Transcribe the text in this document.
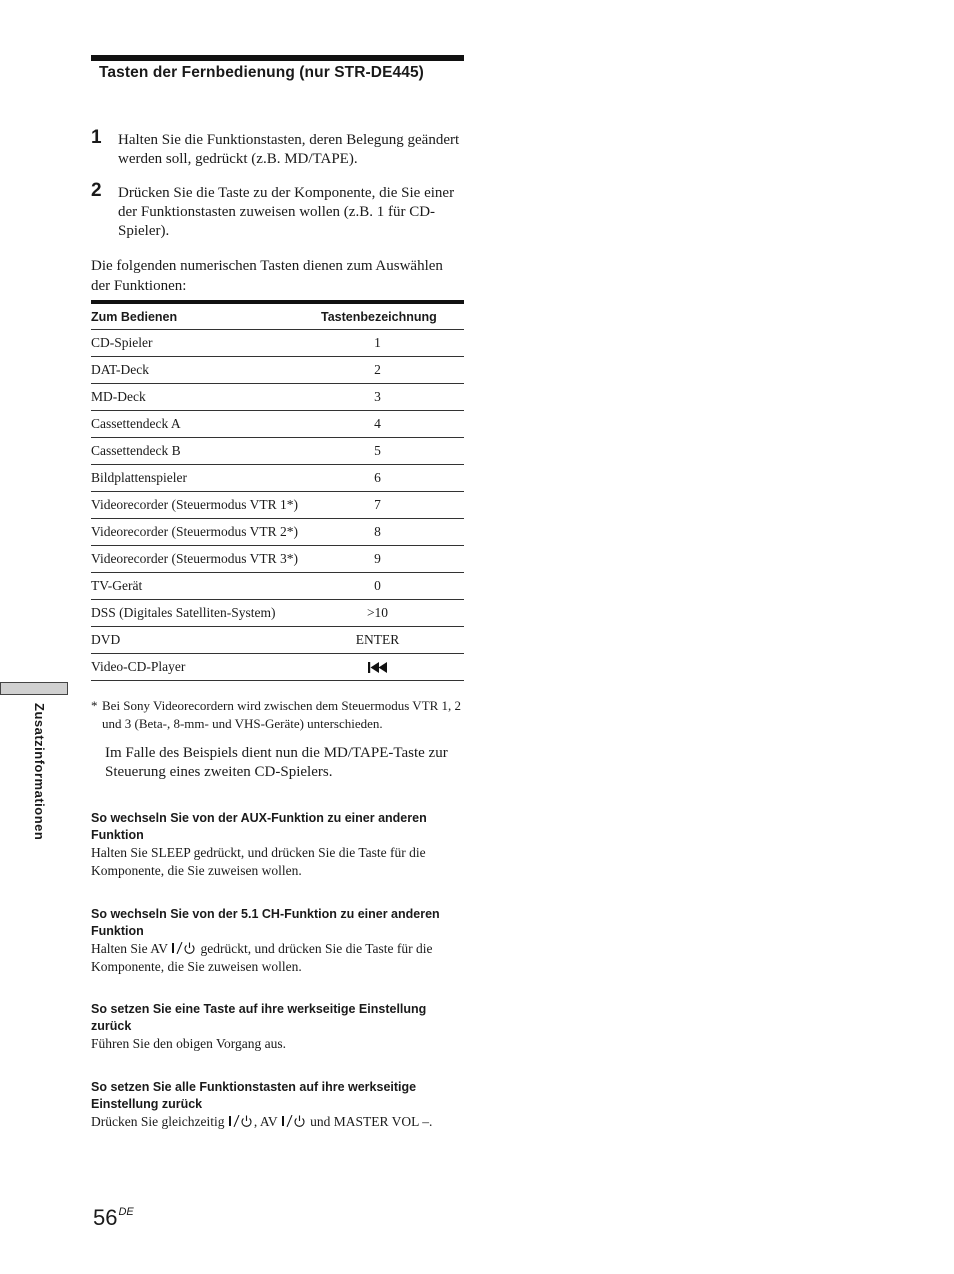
Tasten der Fernbedienung (nur STR-DE445)
1 Halten Sie die Funktionstasten, deren Belegung geändert werden soll, gedrückt (z.B. MD/TAPE).
2 Drücken Sie die Taste zu der Komponente, die Sie einer der Funktionstasten zuweisen wollen (z.B. 1 für CD-Spieler).

Die folgenden numerischen Tasten dienen zum Auswählen der Funktionen:

Zum Bedienen	Tastenbezeichnung
CD-Spieler	1
DAT-Deck	2
MD-Deck	3
Cassettendeck A	4
Cassettendeck B	5
Bildplattenspieler	6
Videorecorder (Steuermodus VTR 1*)	7
Videorecorder (Steuermodus VTR 2*)	8
Videorecorder (Steuermodus VTR 3*)	9
TV-Gerät	0
DSS (Digitales Satelliten-System)	>10
DVD	ENTER
Video-CD-Player
Zusatzinformationen	* Bei Sony Videorecordern wird zwischen dem Steuermodus VTR 1, 2 und 3 (Beta-, 8-mm- und VHS-Geräte) unterschieden.

Im Falle des Beispiels dient nun die MD/TAPE-Taste zur Steuerung eines zweiten CD-Spielers.

So wechseln Sie von der AUX-Funktion zu einer anderen Funktion

Halten Sie SLEEP gedrückt, und drücken Sie die Taste für die Komponente, die Sie zuweisen wollen.

So wechseln Sie von der 5.1 CH-Funktion zu einer anderen Funktion

Halten Sie AV  gedrückt, und drücken Sie die Taste für die Komponente, die Sie zuweisen wollen.

So setzen Sie eine Taste auf ihre werkseitige Einstellung zurück

Führen Sie den obigen Vorgang aus.

So setzen Sie alle Funktionstasten auf ihre werkseitige Einstellung zurück

Drücken Sie gleichzeitig , AV  und MASTER VOL –.

56DE
